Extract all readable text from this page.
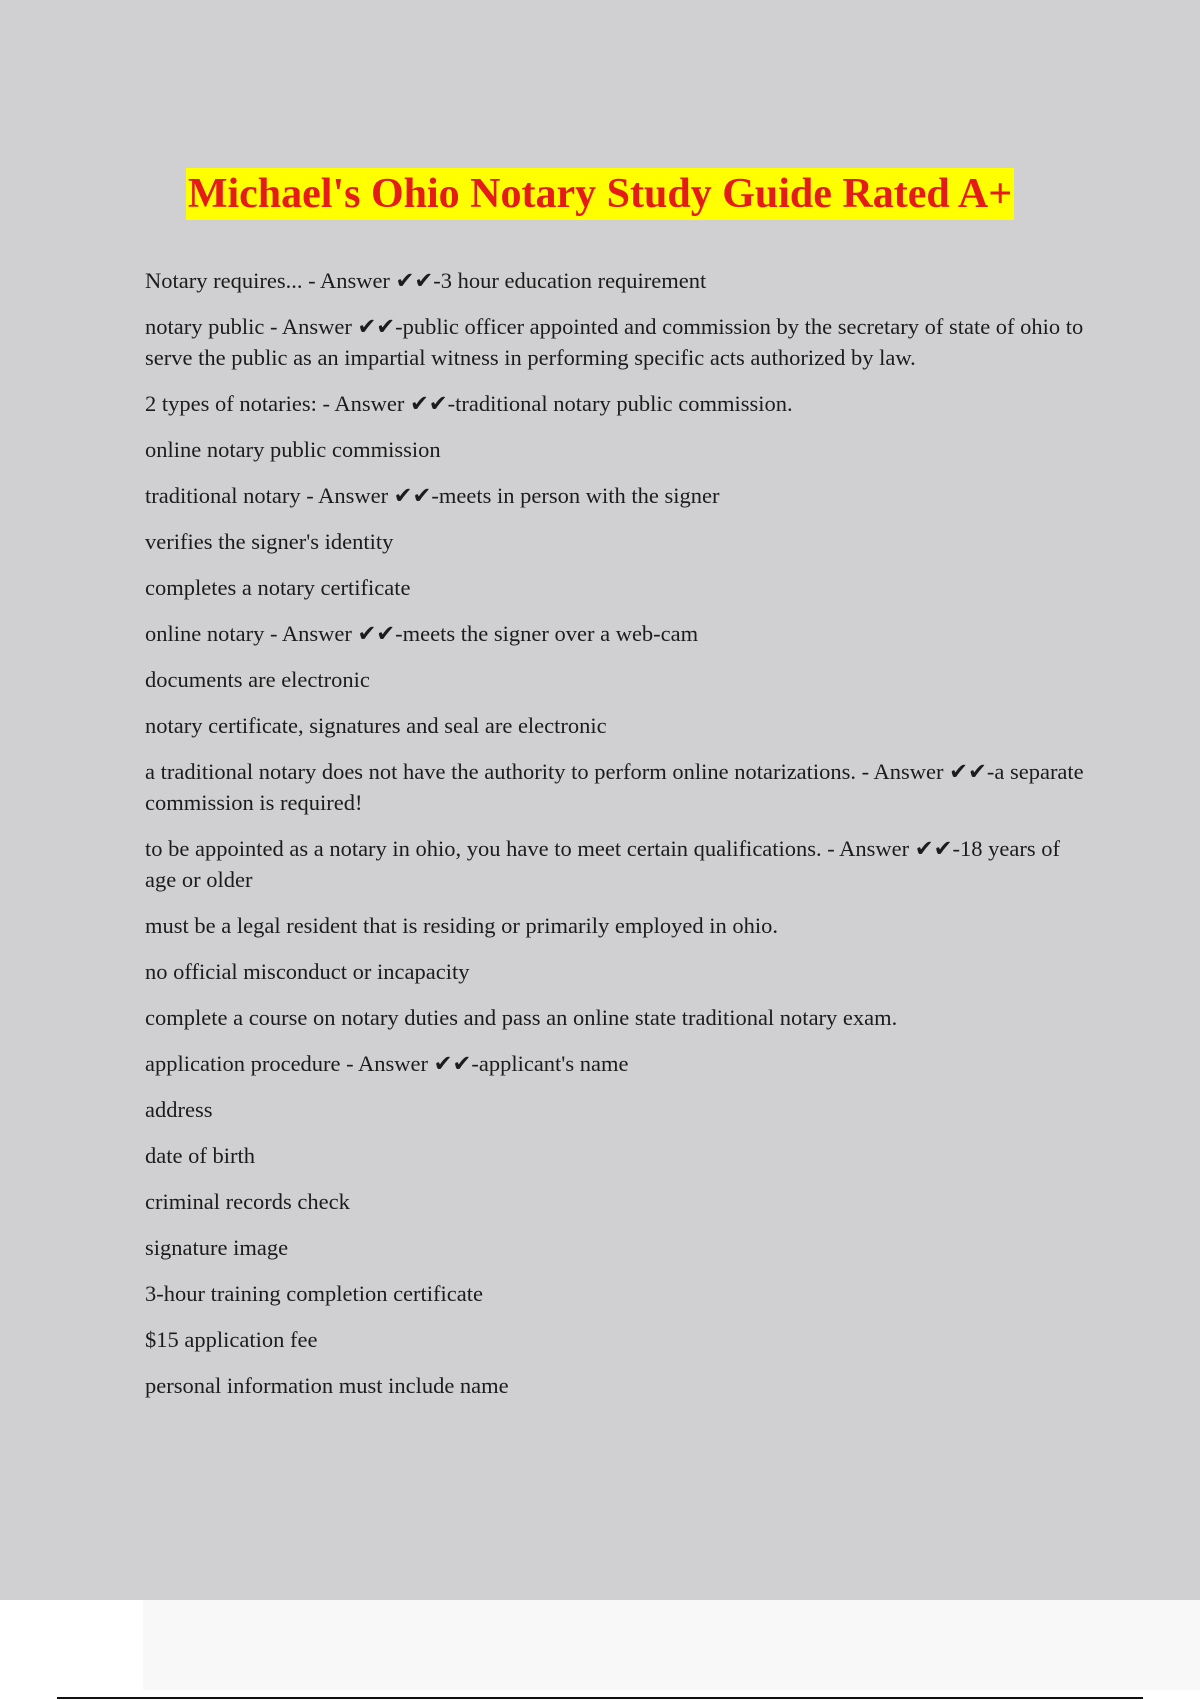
Michael's Ohio Notary Study Guide Rated A+

Notary requires... - Answer ✔✔-3 hour education requirement

notary public - Answer ✔✔-public officer appointed and commission by the secretary of state of ohio to serve the public as an impartial witness in performing specific acts authorized by law.

2 types of notaries: - Answer ✔✔-traditional notary public commission.

online notary public commission

traditional notary - Answer ✔✔-meets in person with the signer

verifies the signer's identity

completes a notary certificate

online notary - Answer ✔✔-meets the signer over a web-cam

documents are electronic

notary certificate, signatures and seal are electronic

a traditional notary does not have the authority to perform online notarizations. - Answer ✔✔-a separate commission is required!

to be appointed as a notary in ohio, you have to meet certain qualifications. - Answer ✔✔-18 years of age or older

must be a legal resident that is residing or primarily employed in ohio.

no official misconduct or incapacity

complete a course on notary duties and pass an online state traditional notary exam.

application procedure - Answer ✔✔-applicant's name

address

date of birth

criminal records check

signature image

3-hour training completion certificate

$15 application fee

personal information must include name
